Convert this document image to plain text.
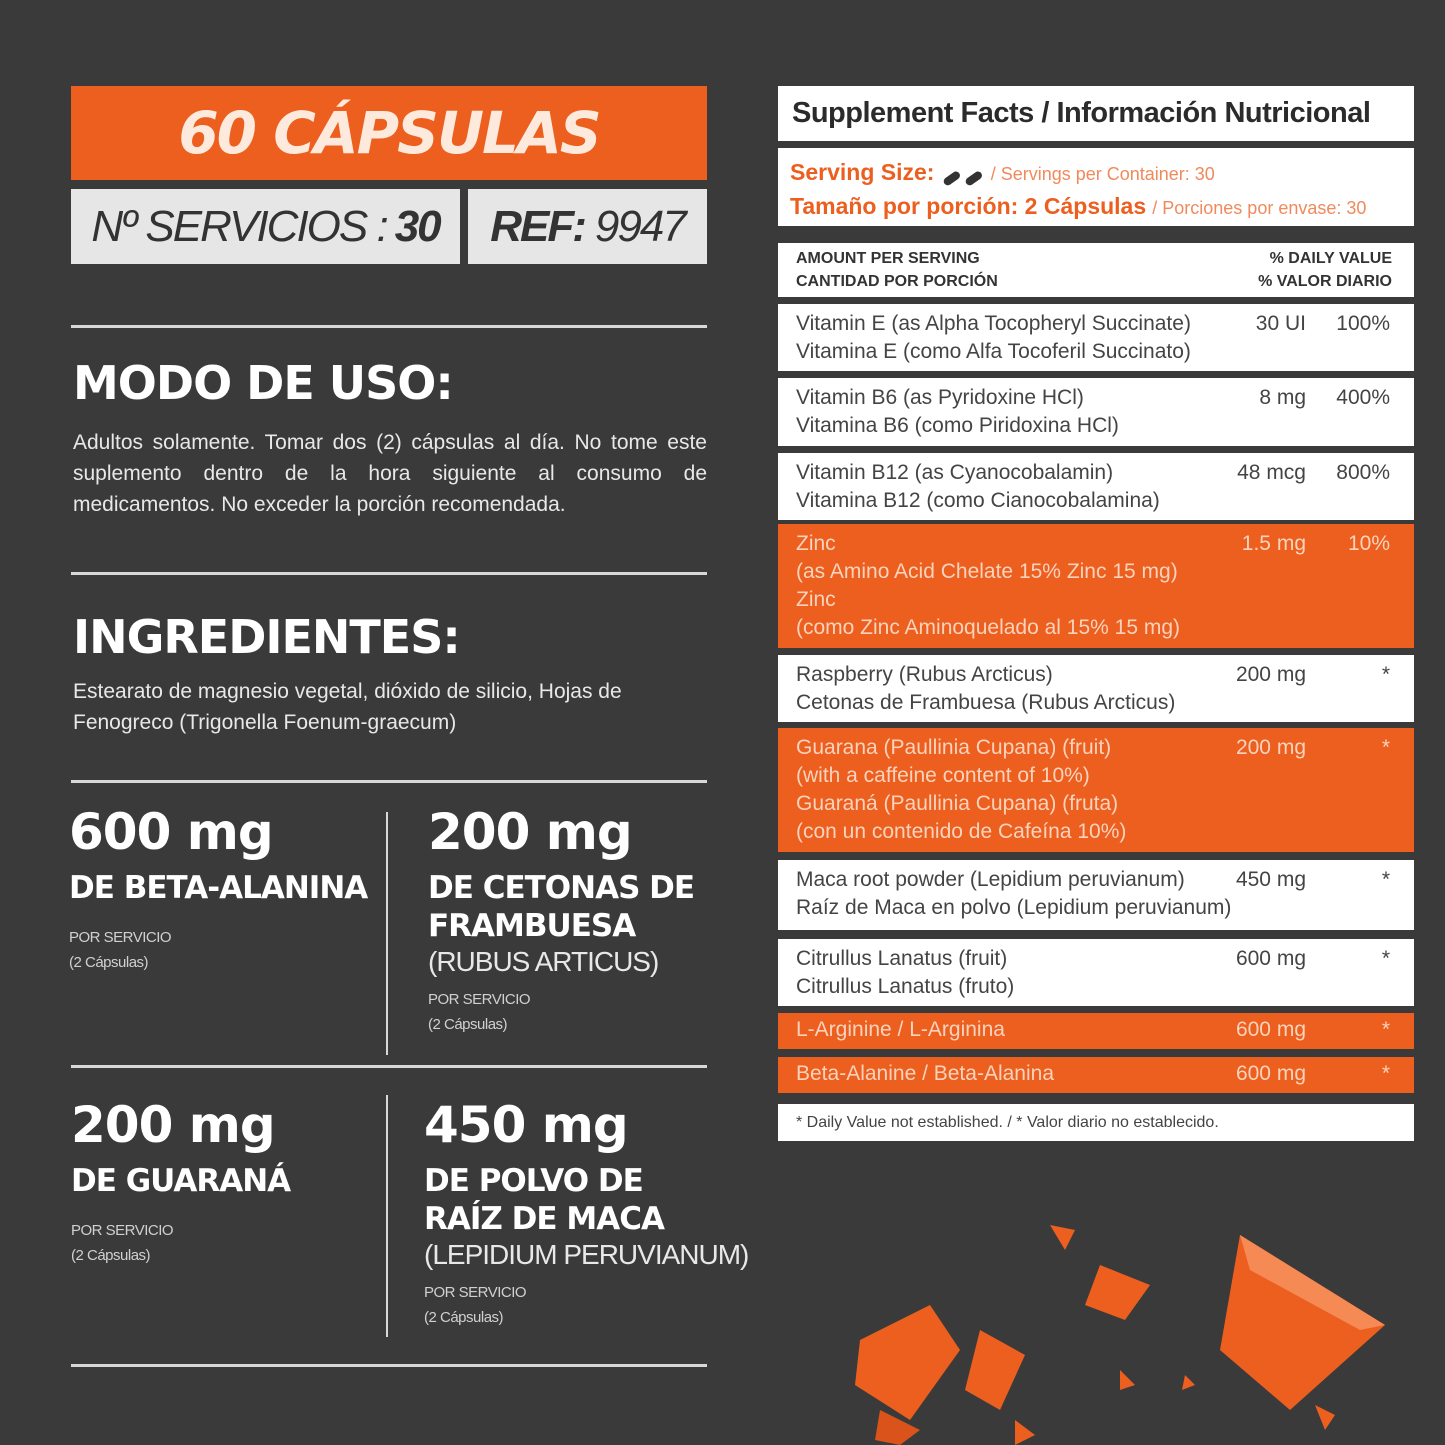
60 CÁPSULAS
Nº SERVICIOS : 30 REF: 9947
MODO DE USO:
Adultos solamente. Tomar dos (2) cápsulas al día. No tome este suplemento dentro de la hora siguiente al consumo de medicamentos. No exceder la porción recomendada.
INGREDIENTES:
Estearato de magnesio vegetal, dióxido de silicio, Hojas de Fenogreco (Trigonella Foenum-graecum)
600 mg
DE BETA-ALANINA
POR SERVICIO
(2 Cápsulas)
200 mg
DE CETONAS DE
FRAMBUESA
(RUBUS ARTICUS)
POR SERVICIO
(2 Cápsulas)
200 mg
DE GUARANÁ
POR SERVICIO
(2 Cápsulas)
450 mg
DE POLVO DE
RAÍZ DE MACA
(LEPIDIUM PERUVIANUM)
POR SERVICIO
(2 Cápsulas)
Supplement Facts / Información Nutricional
Serving Size:	/ Servings per Container: 30
Tamaño por porción: 2 Cápsulas / Porciones por envase: 30
AMOUNT PER SERVING
CANTIDAD POR PORCIÓN
% DAILY VALUE
% VALOR DIARIO
Vitamin E (as Alpha Tocopheryl Succinate)
Vitamina E (como Alfa Tocoferil Succinato)
30 UI 100%
Vitamin B6 (as Pyridoxine HCl)
Vitamina B6 (como Piridoxina HCl)
8 mg 400%
Vitamin B12 (as Cyanocobalamin)
Vitamina B12 (como Cianocobalamina)
48 mcg 800%
Zinc
(as Amino Acid Chelate 15% Zinc 15 mg)
Zinc
(como Zinc Aminoquelado al 15% 15 mg)
1.5 mg 10%
Raspberry (Rubus Arcticus)
Cetonas de Frambuesa (Rubus Arcticus)
200 mg	*
Guarana (Paullinia Cupana) (fruit)
(with a caffeine content of 10%)
Guaraná (Paullinia Cupana) (fruta)
(con un contenido de Cafeína 10%)
200 mg	*
Maca root powder (Lepidium peruvianum)
Raíz de Maca en polvo (Lepidium peruvianum)
450 mg	*
Citrullus Lanatus (fruit)
Citrullus Lanatus (fruto)
600 mg	*
L-Arginine / L-Arginina	600 mg	*
Beta-Alanine / Beta-Alanina	600 mg	*
* Daily Value not established. / * Valor diario no establecido.
